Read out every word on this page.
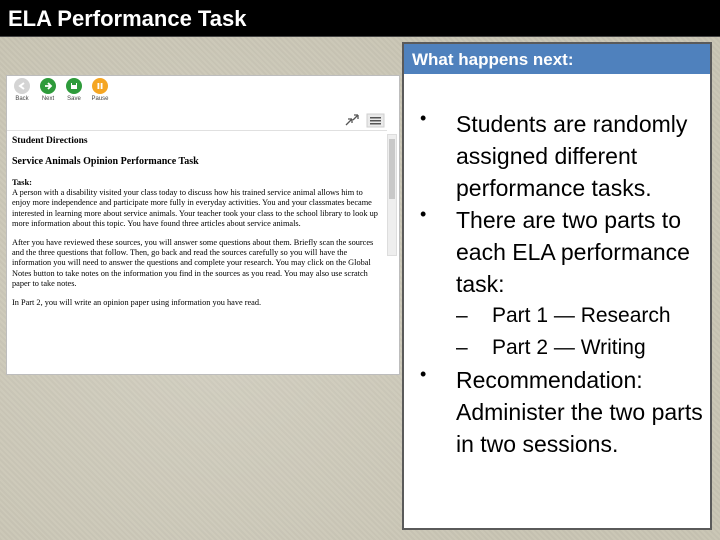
ELA Performance Task
Back	Next	Save	Pause
Student Directions
Service Animals Opinion Performance Task
Task:
A person with a disability visited your class today to discuss how his trained service animal allows him to enjoy more independence and participate more fully in everyday activities. You and your classmates became interested in learning more about service animals. Your teacher took your class to the school library to look up more information about this topic. You have found three articles about service animals.
After you have reviewed these sources, you will answer some questions about them. Briefly scan the sources and the three questions that follow. Then, go back and read the sources carefully so you will have the information you will need to answer the questions and complete your research. You may click on the Global Notes button to take notes on the information you find in the sources as you read. You may also use scratch paper to take notes.
In Part 2, you will write an opinion paper using information you have read.
What happens next:
• Students are randomly assigned different performance tasks.
• There are two parts to each ELA performance task:
– Part 1 — Research
– Part 2 — Writing
• Recommendation: Administer the two parts in two sessions.
